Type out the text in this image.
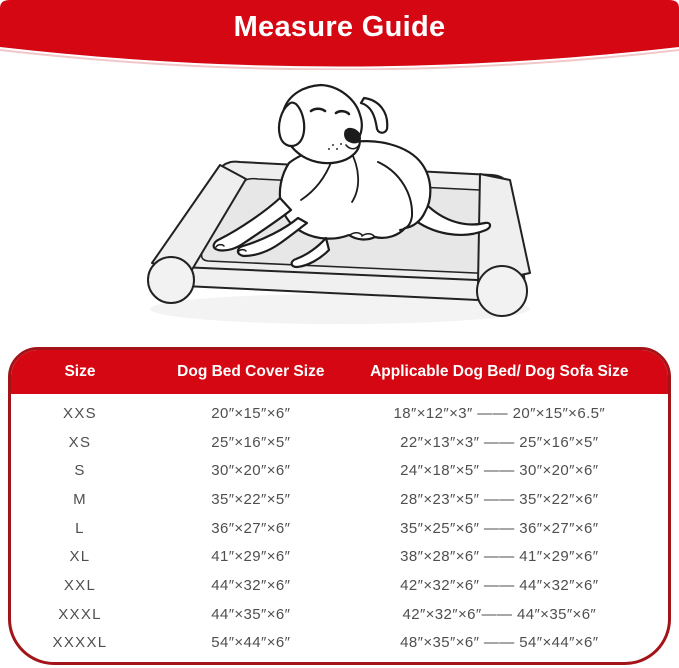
Measure Guide
Size	Dog Bed Cover Size	Applicable Dog Bed/ Dog Sofa Size
XXS	20″×15″×6″	18″×12″×3″ —— 20″×15″×6.5″
XS	25″×16″×5″	22″×13″×3″ —— 25″×16″×5″
S	30″×20″×6″	24″×18″×5″ —— 30″×20″×6″
M	35″×22″×5″	28″×23″×5″ —— 35″×22″×6″
L	36″×27″×6″	35″×25″×6″ —— 36″×27″×6″
XL	41″×29″×6″	38″×28″×6″ —— 41″×29″×6″
XXL	44″×32″×6″	42″×32″×6″ —— 44″×32″×6″
XXXL	44″×35″×6″	42″×32″×6″—— 44″×35″×6″
XXXXL	54″×44″×6″	48″×35″×6″ —— 54″×44″×6″
